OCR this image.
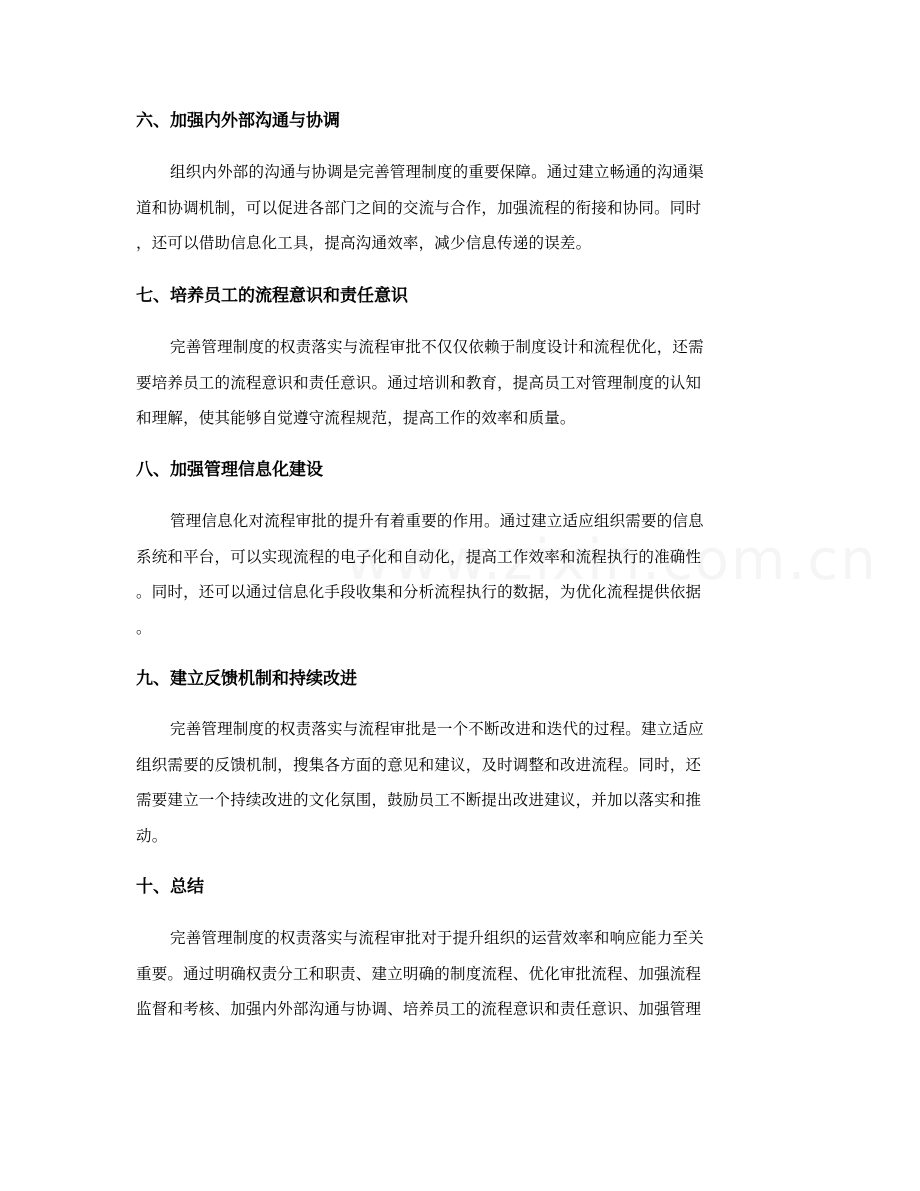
六、加强内外部沟通与协调
组织内外部的沟通与协调是完善管理制度的重要保障。通过建立畅通的沟通渠
道和协调机制，可以促进各部门之间的交流与合作，加强流程的衔接和协同。同时
，还可以借助信息化工具，提高沟通效率，减少信息传递的误差。
七、培养员工的流程意识和责任意识
完善管理制度的权责落实与流程审批不仅仅依赖于制度设计和流程优化，还需
要培养员工的流程意识和责任意识。通过培训和教育，提高员工对管理制度的认知
和理解，使其能够自觉遵守流程规范，提高工作的效率和质量。
八、加强管理信息化建设
管理信息化对流程审批的提升有着重要的作用。通过建立适应组织需要的信息
系统和平台，可以实现流程的电子化和自动化，提高工作效率和流程执行的准确性
。同时，还可以通过信息化手段收集和分析流程执行的数据，为优化流程提供依据
。
九、建立反馈机制和持续改进
完善管理制度的权责落实与流程审批是一个不断改进和迭代的过程。建立适应
组织需要的反馈机制，搜集各方面的意见和建议，及时调整和改进流程。同时，还
需要建立一个持续改进的文化氛围，鼓励员工不断提出改进建议，并加以落实和推
动。
十、总结
完善管理制度的权责落实与流程审批对于提升组织的运营效率和响应能力至关
重要。通过明确权责分工和职责、建立明确的制度流程、优化审批流程、加强流程
监督和考核、加强内外部沟通与协调、培养员工的流程意识和责任意识、加强管理
